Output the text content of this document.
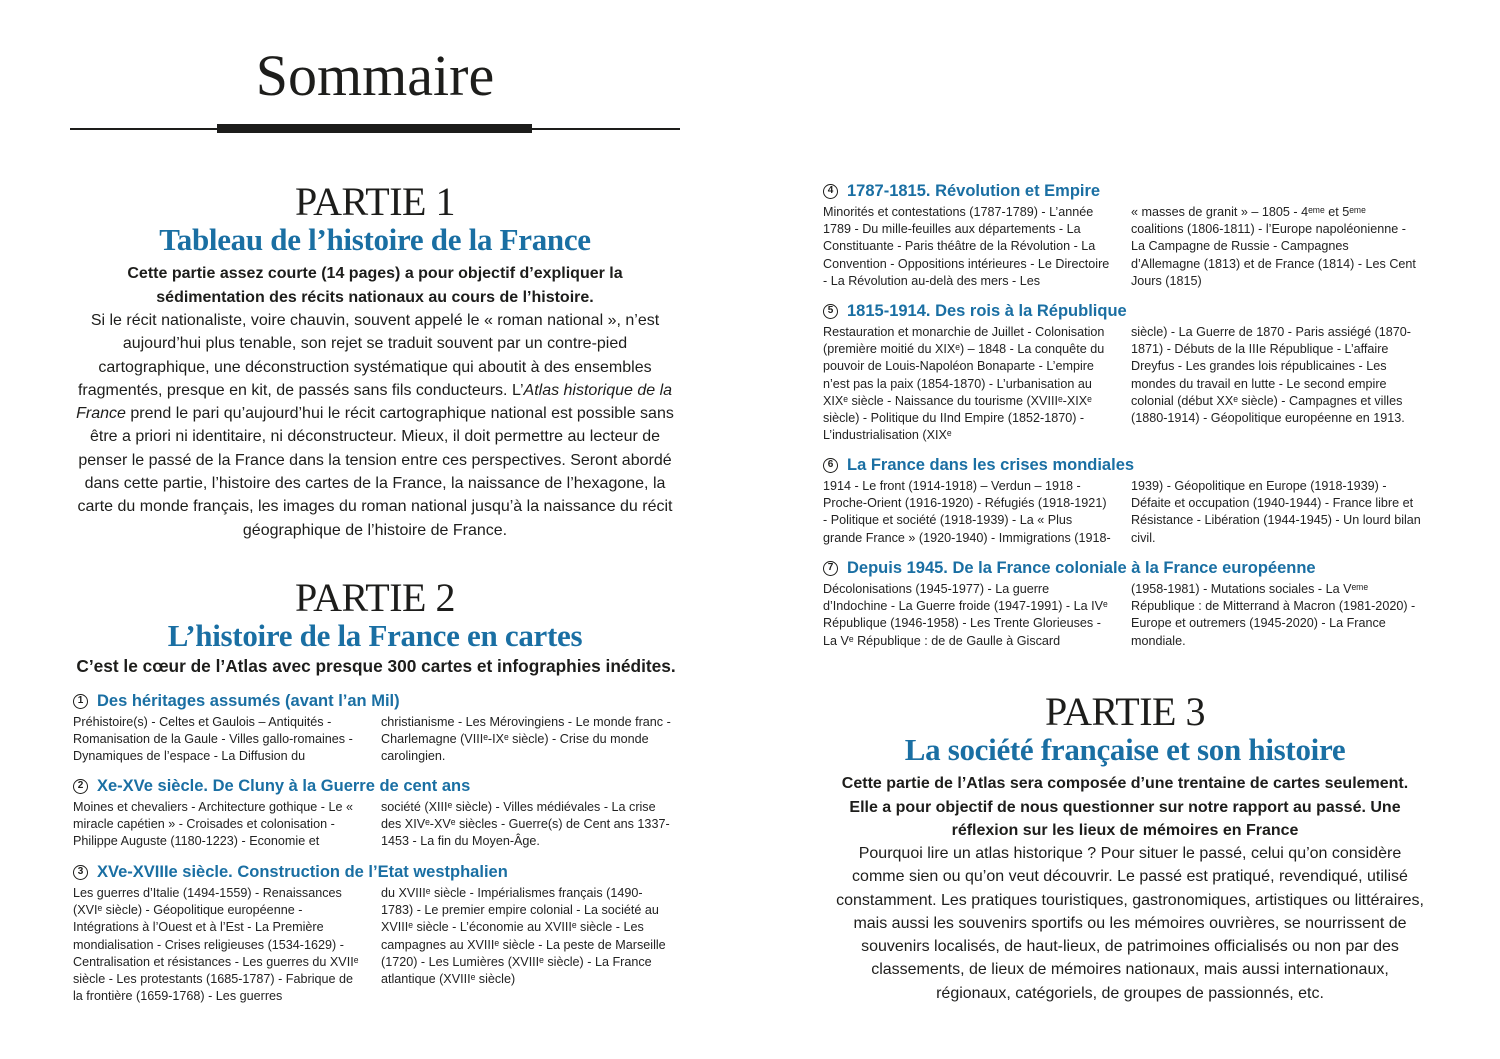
Sommaire
PARTIE 1
Tableau de l’histoire de la France

Cette partie assez courte (14 pages) a pour objectif d’expliquer la sédimentation des récits nationaux au cours de l’histoire.

Si le récit nationaliste, voire chauvin, souvent appelé le « roman national », n’est aujourd’hui plus tenable, son rejet se traduit souvent par un contre-pied cartographique, une déconstruction systématique qui aboutit à des ensembles fragmentés, presque en kit, de passés sans fils conducteurs. L’Atlas historique de la France prend le pari qu’aujourd’hui le récit cartographique national est possible sans être a priori ni identitaire, ni déconstructeur. Mieux, il doit permettre au lecteur de penser le passé de la France dans la tension entre ces perspectives. Seront abordé dans cette partie, l’histoire des cartes de la France, la naissance de l’hexagone, la carte du monde français, les images du roman national jusqu’à la naissance du récit géographique de l’histoire de France.

PARTIE 2
L’histoire de la France en cartes

C’est le cœur de l’Atlas avec presque 300 cartes et infographies inédites.

1 Des héritages assumés (avant l’an Mil)

Préhistoire(s) - Celtes et Gaulois – Antiquités - Romanisation de la Gaule - Villes gallo-romaines - Dynamiques de l’espace - La Diffusion du

christianisme - Les Mérovingiens - Le monde franc - Charlemagne (VIIIᵉ-IXᵉ siècle) - Crise du monde carolingien.

2 Xe-XVe siècle. De Cluny à la Guerre de cent ans

Moines et chevaliers - Architecture gothique - Le « miracle capétien » - Croisades et colonisation - Philippe Auguste (1180-1223) - Economie et

société (XIIIᵉ siècle) - Villes médiévales - La crise des XIVᵉ-XVᵉ siècles - Guerre(s) de Cent ans 1337-1453 - La fin du Moyen-Âge.

3 XVe-XVIIIe siècle. Construction de l’Etat westphalien

Les guerres d’Italie (1494-1559) - Renaissances (XVIᵉ siècle) - Géopolitique européenne - Intégrations à l’Ouest et à l’Est - La Première mondialisation - Crises religieuses (1534-1629) - Centralisation et résistances - Les guerres du XVIIᵉ siècle - Les protestants (1685-1787) - Fabrique de la frontière (1659-1768) - Les guerres

du XVIIIᵉ siècle - Impérialismes français (1490-1783) - Le premier empire colonial - La société au XVIIIᵉ siècle - L’économie au XVIIIᵉ siècle - Les campagnes au XVIIIᵉ siècle - La peste de Marseille (1720) - Les Lumières (XVIIIᵉ siècle) - La France atlantique (XVIIIᵉ siècle)

4 1787-1815. Révolution et Empire

Minorités et contestations (1787-1789) - L’année 1789 - Du mille-feuilles aux départements - La Constituante - Paris théâtre de la Révolution - La Convention - Oppositions intérieures - Le Directoire - La Révolution au-delà des mers - Les

« masses de granit » – 1805 - 4ᵉᵐᵉ et 5ᵉᵐᵉ coalitions (1806-1811) - l’Europe napoléonienne - La Campagne de Russie - Campagnes d’Allemagne (1813) et de France (1814) - Les Cent Jours (1815)

5 1815-1914. Des rois à la République

Restauration et monarchie de Juillet - Colonisation (première moitié du XIXᵉ) – 1848 - La conquête du pouvoir de Louis-Napoléon Bonaparte - L’empire n’est pas la paix (1854-1870) - L’urbanisation au XIXᵉ siècle - Naissance du tourisme (XVIIIᵉ-XIXᵉ siècle) - Politique du IInd Empire (1852-1870) - L’industrialisation (XIXᵉ

siècle) - La Guerre de 1870 - Paris assiégé (1870-1871) - Débuts de la IIIe République - L’affaire Dreyfus - Les grandes lois républicaines - Les mondes du travail en lutte - Le second empire colonial (début XXᵉ siècle) - Campagnes et villes (1880-1914) - Géopolitique européenne en 1913.

6 La France dans les crises mondiales

1914 - Le front (1914-1918) – Verdun – 1918 - Proche-Orient (1916-1920) - Réfugiés (1918-1921) - Politique et société (1918-1939) - La « Plus grande France » (1920-1940) - Immigrations (1918-

1939) - Géopolitique en Europe (1918-1939) - Défaite et occupation (1940-1944) - France libre et Résistance - Libération (1944-1945) - Un lourd bilan civil.

7 Depuis 1945. De la France coloniale à la France européenne

Décolonisations (1945-1977) - La guerre d’Indochine - La Guerre froide (1947-1991) - La IVᵉ République (1946-1958) - Les Trente Glorieuses - La Vᵉ République : de de Gaulle à Giscard

(1958-1981) - Mutations sociales - La Vᵉᵐᵉ République : de Mitterrand à Macron (1981-2020) - Europe et outremers (1945-2020) - La France mondiale.

PARTIE 3
La société française et son histoire

Cette partie de l’Atlas sera composée d’une trentaine de cartes seulement. Elle a pour objectif de nous questionner sur notre rapport au passé. Une réflexion sur les lieux de mémoires en France

Pourquoi lire un atlas historique ? Pour situer le passé, celui qu’on considère comme sien ou qu’on veut découvrir. Le passé est pratiqué, revendiqué, utilisé constamment. Les pratiques touristiques, gastronomiques, artistiques ou littéraires, mais aussi les souvenirs sportifs ou les mémoires ouvrières, se nourrissent de souvenirs localisés, de haut-lieux, de patrimoines officialisés ou non par des classements, de lieux de mémoires nationaux, mais aussi internationaux, régionaux, catégoriels, de groupes de passionnés, etc.
